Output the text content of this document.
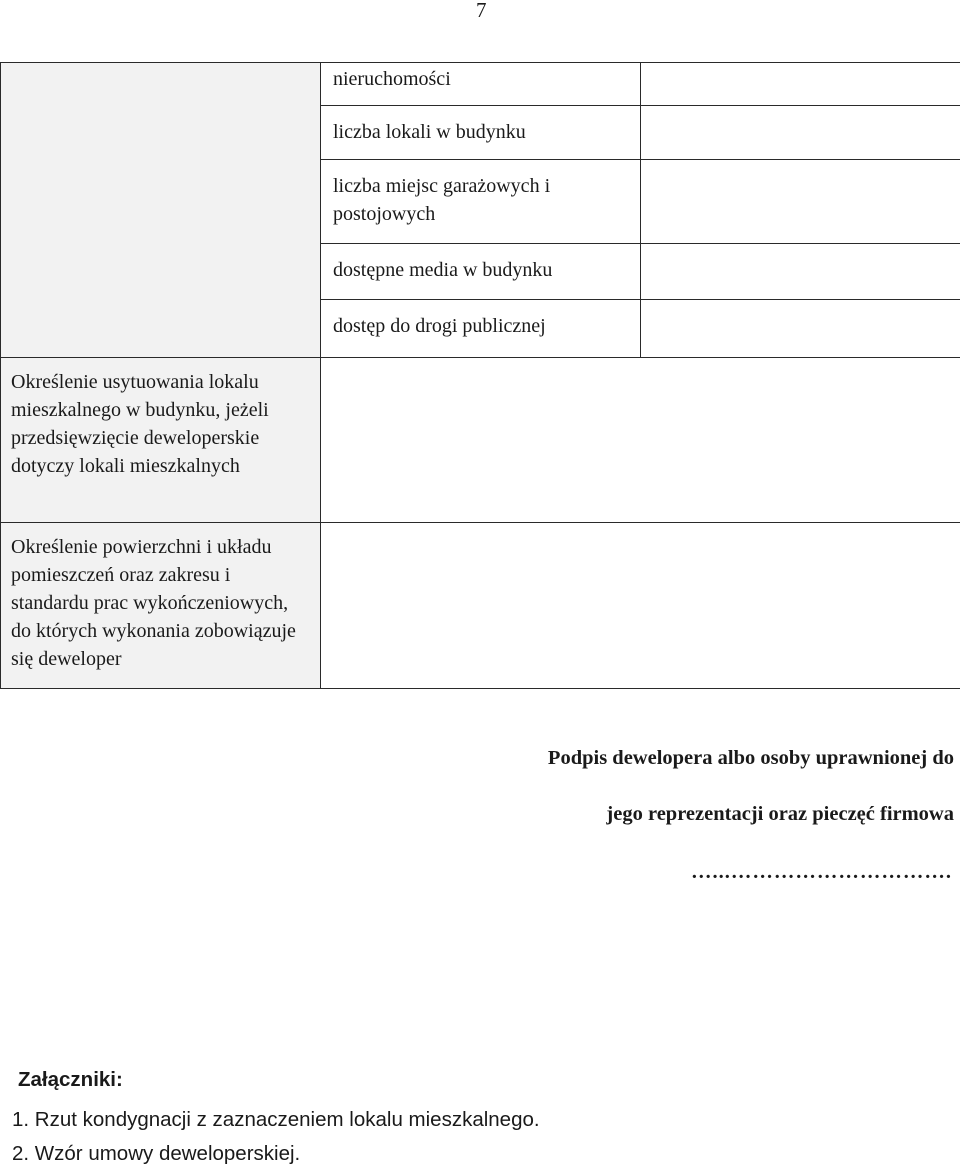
7

	nieruchomości	

	liczba lokali w budynku	

	liczba miejsc garażowych i postojowych	

	dostępne media w budynku	

	dostęp do drogi publicznej	

Określenie usytuowania lokalu mieszkalnego w budynku, jeżeli przedsięwzięcie deweloperskie dotyczy lokali mieszkalnych		

Określenie powierzchni i układu pomieszczeń oraz zakresu i standardu prac wykończeniowych, do których wykonania zobowiązuje się deweloper		

Podpis dewelopera albo osoby uprawnionej do

jego reprezentacji oraz pieczęć firmowa

…...………………………….
Załączniki:
1. Rzut kondygnacji z zaznaczeniem lokalu mieszkalnego.
2. Wzór umowy deweloperskiej.
